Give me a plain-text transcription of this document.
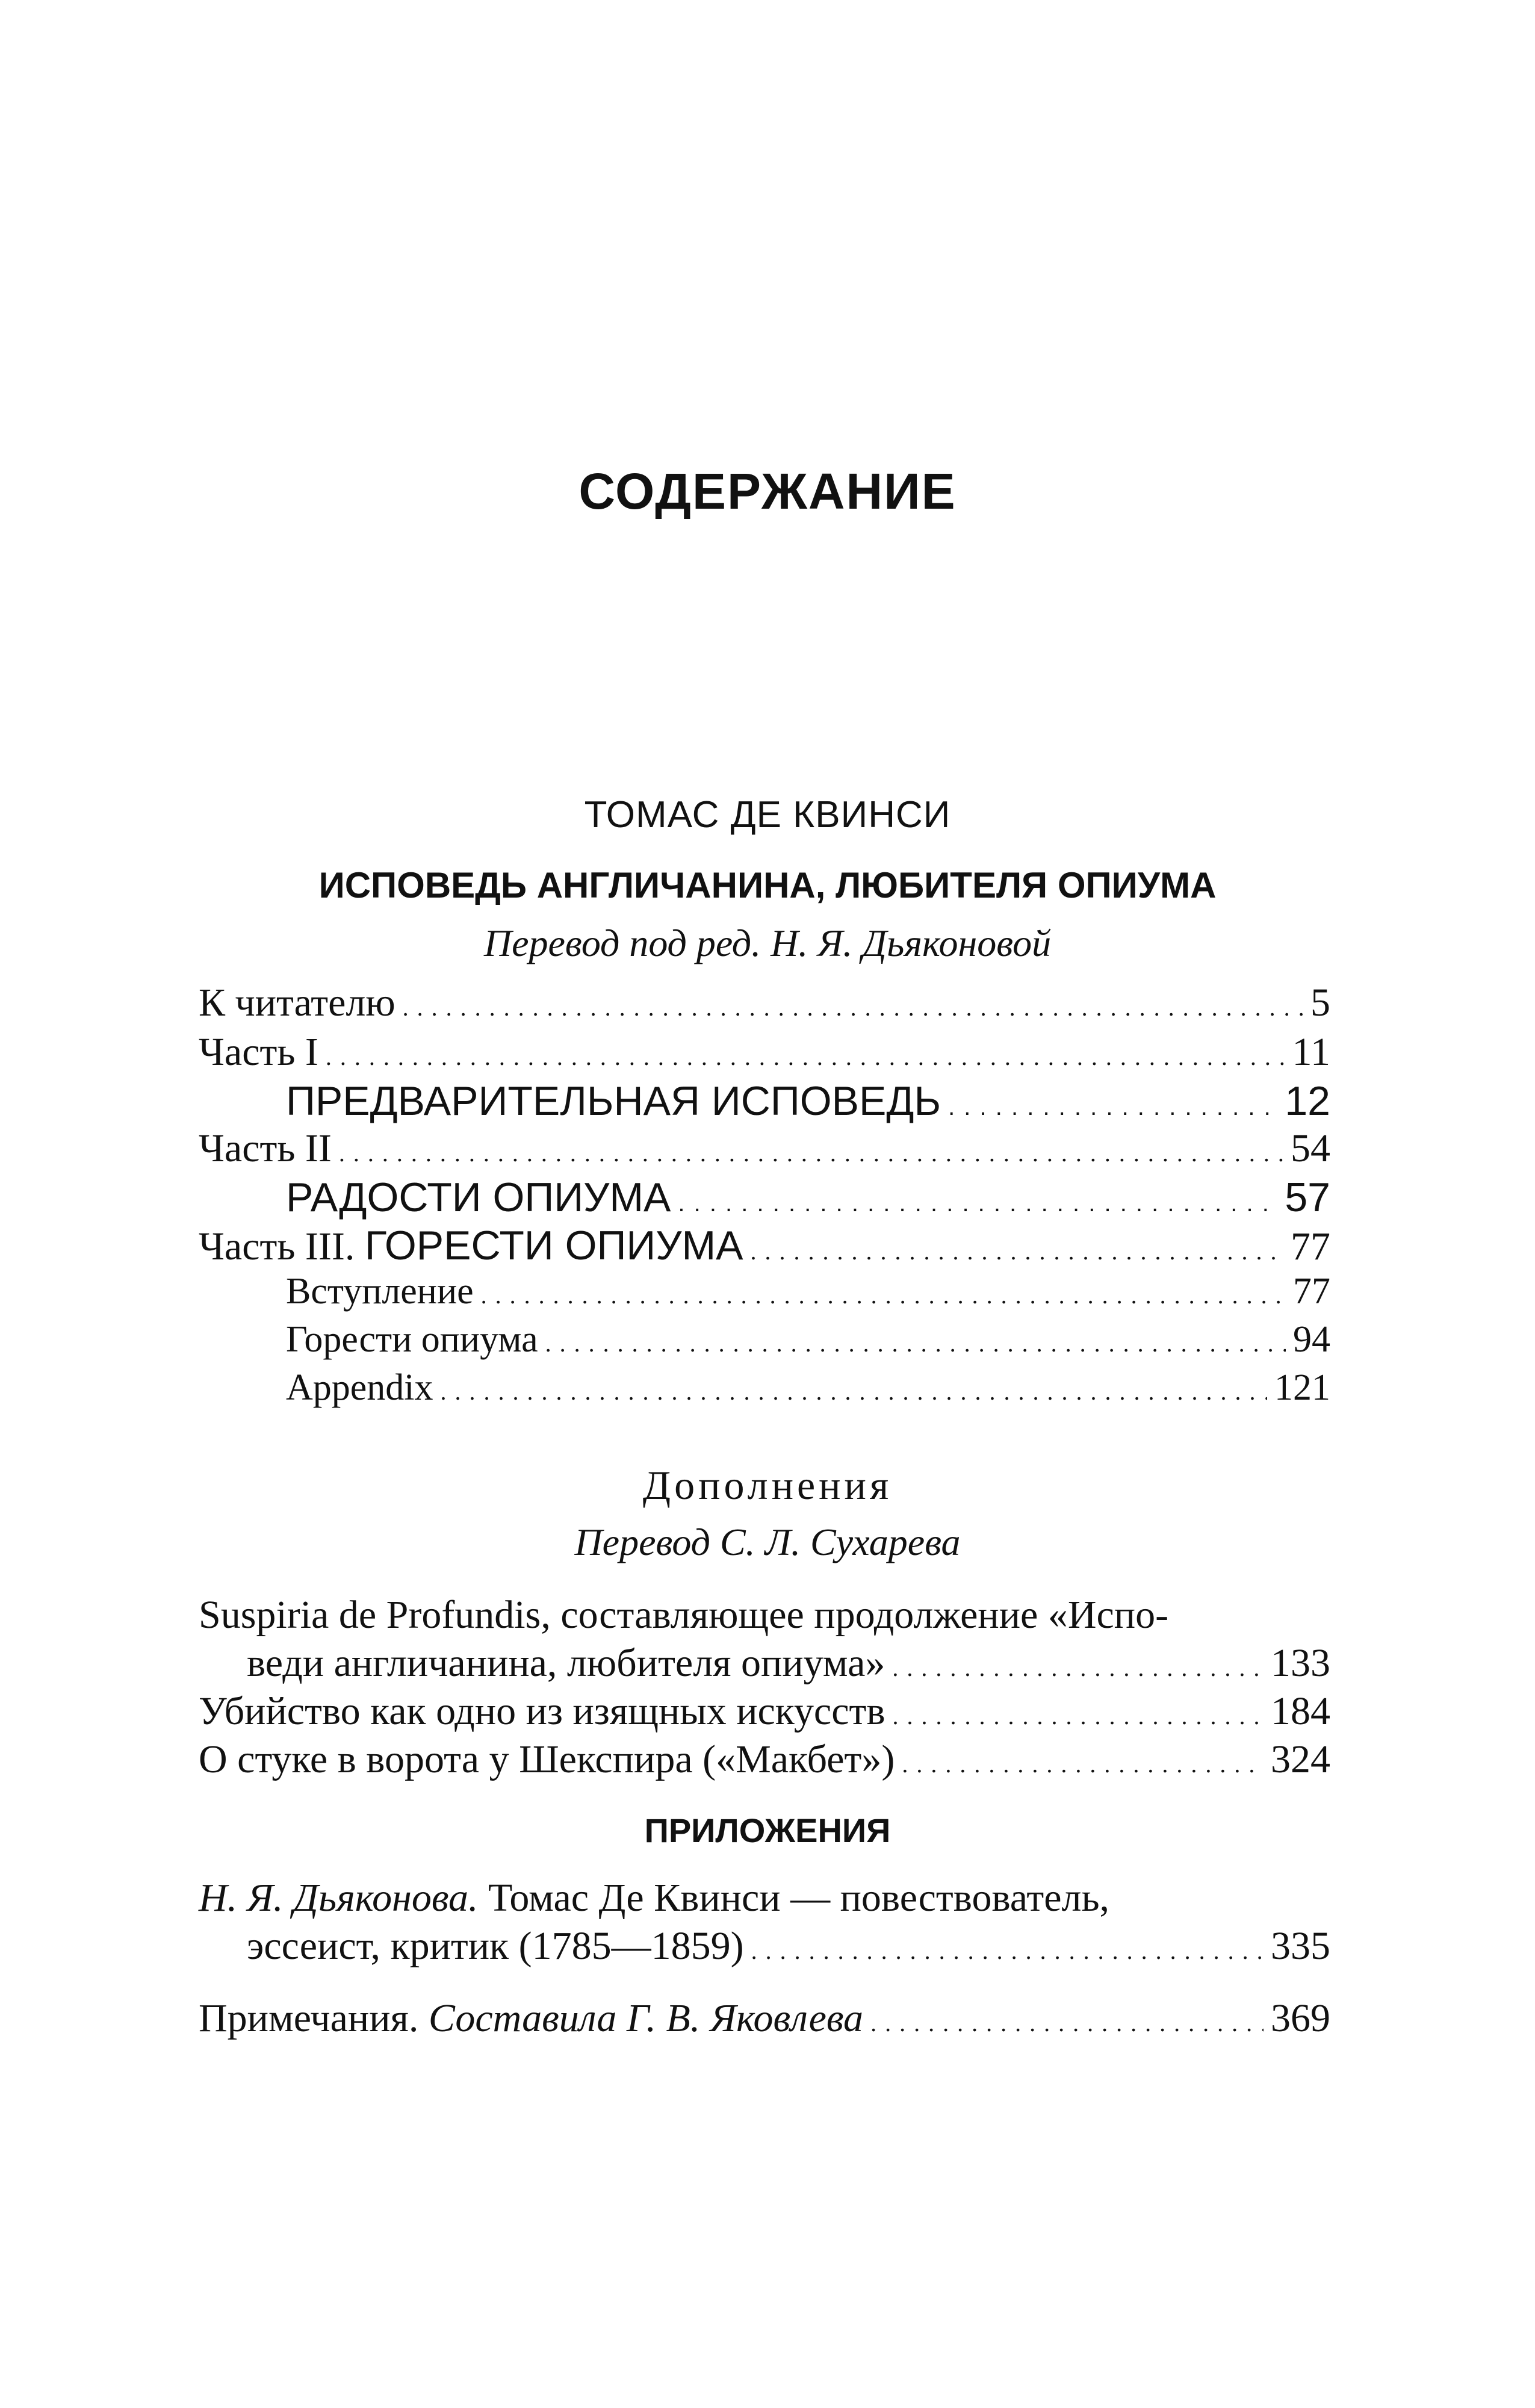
СОДЕРЖАНИЕ
ТОМАС ДЕ КВИНСИ
ИСПОВЕДЬ АНГЛИЧАНИНА, ЛЮБИТЕЛЯ ОПИУМА
Перевод под ред. Н. Я. Дьяконовой
К читателю . . .	5
Часть I . . .	11
ПРЕДВАРИТЕЛЬНАЯ ИСПОВЕДЬ . . .	12
Часть II . . .	54
РАДОСТИ ОПИУМА . . .	57
Часть III. ГОРЕСТИ ОПИУМА . . .	77
Вступление . . .	77
Горести опиума . . .	94
Appendix . . .	121
Дополнения
Перевод С. Л. Сухарева
Suspiria de Profundis, составляющее продолжение «Испо-
веди англичанина, любителя опиума» . . .	133
Убийство как одно из изящных искусств . . .	184
О стуке в ворота у Шекспира («Макбет») . . .	324
ПРИЛОЖЕНИЯ
Н. Я. Дьяконова. Томас Де Квинси — повествователь,
эссеист, критик (1785—1859) . . .	335
Примечания. Составила Г. В. Яковлева . . .	369
